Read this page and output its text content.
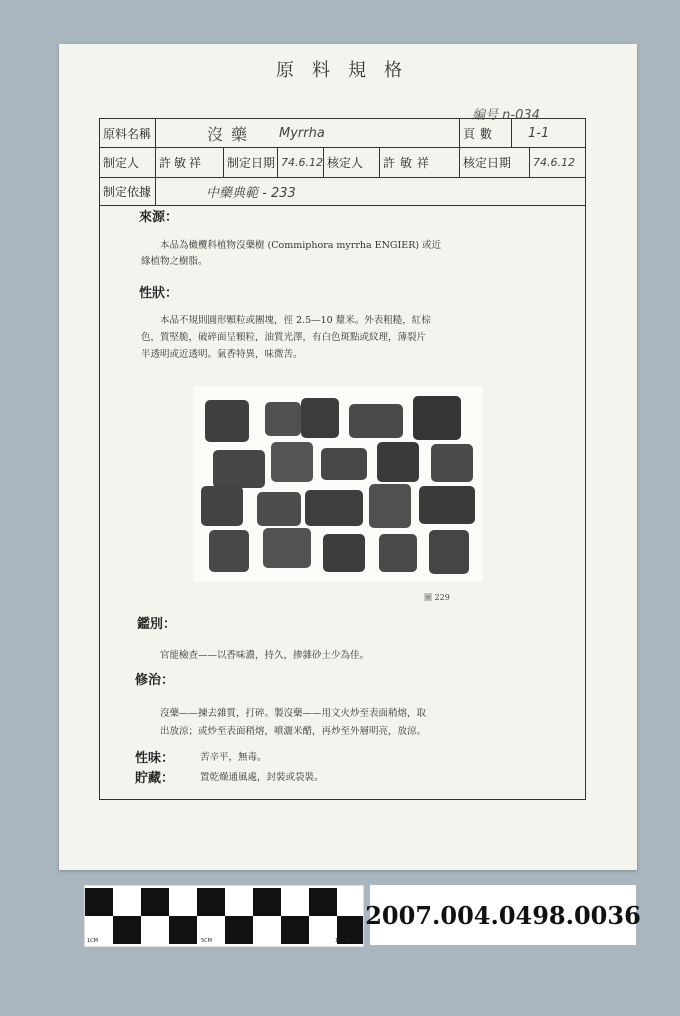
原料規格
編号 n-034
原料名稱	沒藥 Myrrha	頁數	1-1
制定人	許敏祥	制定日期 74.6.12 核定人	許敏祥	核定日期	74.6.12
制定依據	中藥典範 - 233
來源：
本品為橄欖科植物沒藥樹 (Commiphora myrrha ENGIER) 或近
緣植物之樹脂。
性狀：
本品不規則圓形顆粒或團塊，徑 2.5—10 釐米。外表粗糙，紅棕
色，質堅脆，破碎面呈顆粒，油質光澤，有白色斑點或紋理，薄裂片
半透明或近透明。氣香特異，味微苦。
圖 229
鑑別：
官能檢查——以香味濃，持久，掺雜砂土少為佳。
修治：
沒藥——揀去雜質，打碎。製沒藥——用文火炒至表面稍熔，取
出放涼；或炒至表面稍熔，噴灑米醋，再炒至外層明亮，放涼。
性味：	苦辛平，無毒。
貯藏：	置乾燥通風處，封裝或袋裝。
1CM	5CM	10CM
2007.004.0498.0036
